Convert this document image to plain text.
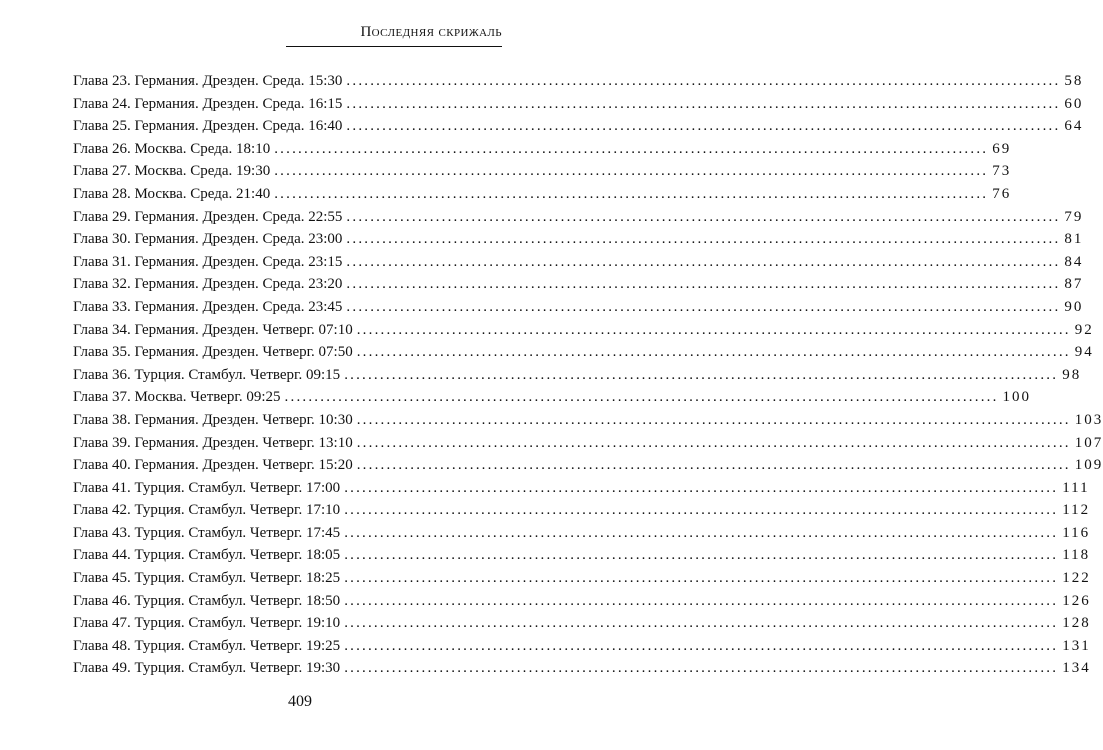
Последняя скрижаль
Глава 23. Германия. Дрезден. Среда. 15:30 ........................................................................................................................ 58
Глава 24. Германия. Дрезден. Среда. 16:15 ........................................................................................................................ 60
Глава 25. Германия. Дрезден. Среда. 16:40 ........................................................................................................................ 64
Глава 26. Москва. Среда. 18:10 ........................................................................................................................ 69
Глава 27. Москва. Среда. 19:30 ........................................................................................................................ 73
Глава 28. Москва. Среда. 21:40 ........................................................................................................................ 76
Глава 29. Германия. Дрезден. Среда. 22:55 ........................................................................................................................ 79
Глава 30. Германия. Дрезден. Среда. 23:00 ........................................................................................................................ 81
Глава 31. Германия. Дрезден. Среда. 23:15 ........................................................................................................................ 84
Глава 32. Германия. Дрезден. Среда. 23:20 ........................................................................................................................ 87
Глава 33. Германия. Дрезден. Среда. 23:45 ........................................................................................................................ 90
Глава 34. Германия. Дрезден. Четверг. 07:10 ........................................................................................................................ 92
Глава 35. Германия. Дрезден. Четверг. 07:50 ........................................................................................................................ 94
Глава 36. Турция. Стамбул. Четверг. 09:15 ........................................................................................................................ 98
Глава 37. Москва. Четверг. 09:25 ........................................................................................................................ 100
Глава 38. Германия. Дрезден. Четверг. 10:30 ........................................................................................................................ 103
Глава 39. Германия. Дрезден. Четверг. 13:10 ........................................................................................................................ 107
Глава 40. Германия. Дрезден. Четверг. 15:20 ........................................................................................................................ 109
Глава 41. Турция. Стамбул. Четверг. 17:00 ........................................................................................................................ 111
Глава 42. Турция. Стамбул. Четверг. 17:10 ........................................................................................................................ 112
Глава 43. Турция. Стамбул. Четверг. 17:45 ........................................................................................................................ 116
Глава 44. Турция. Стамбул. Четверг. 18:05 ........................................................................................................................ 118
Глава 45. Турция. Стамбул. Четверг. 18:25 ........................................................................................................................ 122
Глава 46. Турция. Стамбул. Четверг. 18:50 ........................................................................................................................ 126
Глава 47. Турция. Стамбул. Четверг. 19:10 ........................................................................................................................ 128
Глава 48. Турция. Стамбул. Четверг. 19:25 ........................................................................................................................ 131
Глава 49. Турция. Стамбул. Четверг. 19:30 ........................................................................................................................ 134
409
